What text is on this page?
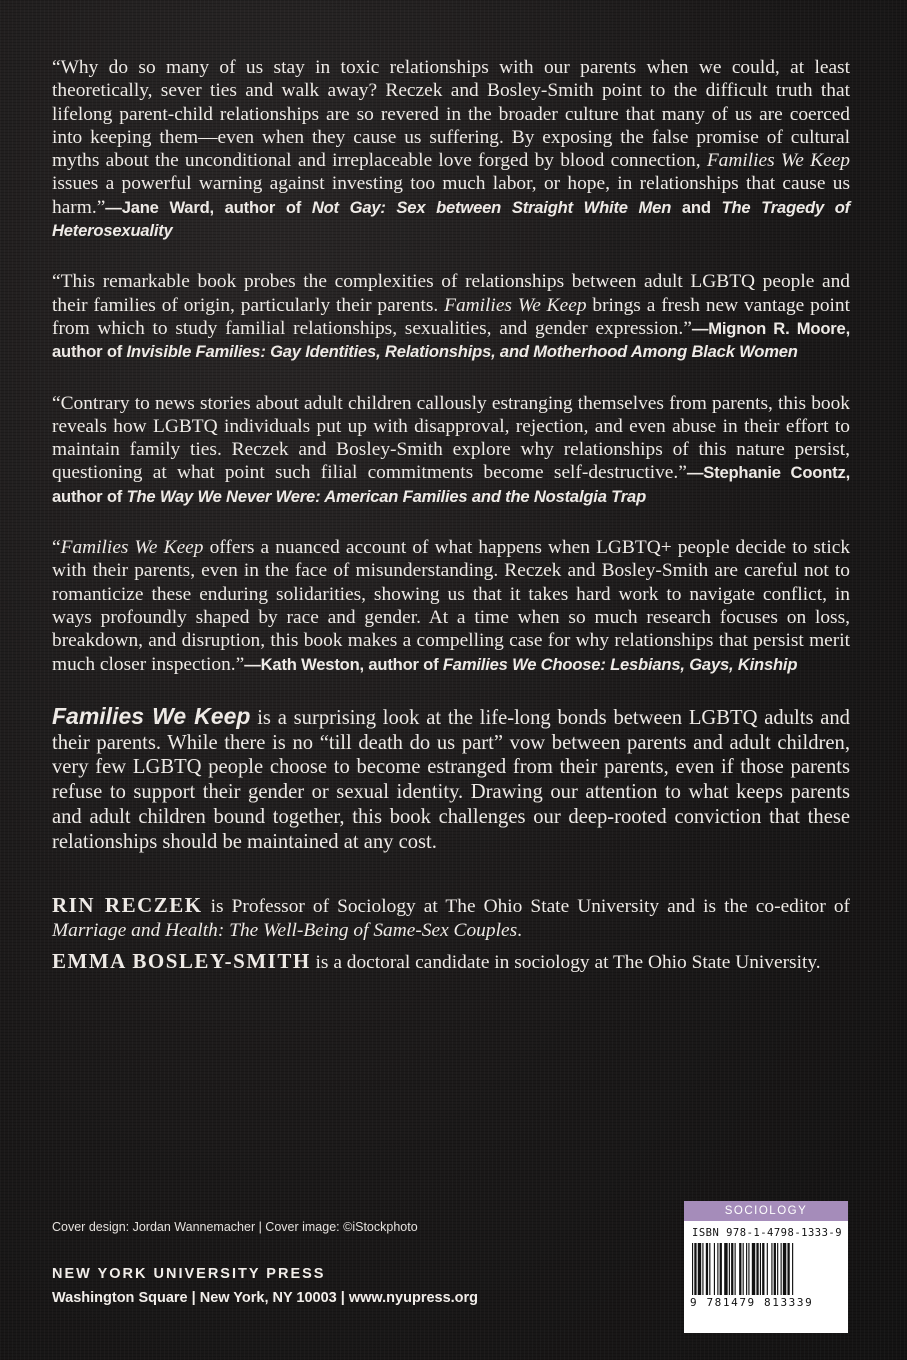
“Why do so many of us stay in toxic relationships with our parents when we could, at least theoretically, sever ties and walk away? Reczek and Bosley-Smith point to the difficult truth that lifelong parent-child relationships are so revered in the broader culture that many of us are coerced into keeping them—even when they cause us suffering. By exposing the false promise of cultural myths about the unconditional and irreplaceable love forged by blood connection, Families We Keep issues a powerful warning against investing too much labor, or hope, in relationships that cause us harm.”—Jane Ward, author of Not Gay: Sex between Straight White Men and The Tragedy of Heterosexuality

“This remarkable book probes the complexities of relationships between adult LGBTQ people and their families of origin, particularly their parents. Families We Keep brings a fresh new vantage point from which to study familial relationships, sexualities, and gender expression.”—Mignon R. Moore, author of Invisible Families: Gay Identities, Relationships, and Motherhood Among Black Women

“Contrary to news stories about adult children callously estranging themselves from parents, this book reveals how LGBTQ individuals put up with disapproval, rejection, and even abuse in their effort to maintain family ties. Reczek and Bosley-Smith explore why relationships of this nature persist, questioning at what point such filial commitments become self-destructive.”—Stephanie Coontz, author of The Way We Never Were: American Families and the Nostalgia Trap

“Families We Keep offers a nuanced account of what happens when LGBTQ+ people decide to stick with their parents, even in the face of misunderstanding. Reczek and Bosley-Smith are careful not to romanticize these enduring solidarities, showing us that it takes hard work to navigate conflict, in ways profoundly shaped by race and gender. At a time when so much research focuses on loss, breakdown, and disruption, this book makes a compelling case for why relationships that persist merit much closer inspection.”—Kath Weston, author of Families We Choose: Lesbians, Gays, Kinship

Families We Keep is a surprising look at the life-long bonds between LGBTQ adults and their parents. While there is no “till death do us part” vow between parents and adult children, very few LGBTQ people choose to become estranged from their parents, even if those parents refuse to support their gender or sexual identity. Drawing our attention to what keeps parents and adult children bound together, this book challenges our deep-rooted conviction that these relationships should be maintained at any cost.

RIN RECZEK is Professor of Sociology at The Ohio State University and is the co-editor of Marriage and Health: The Well-Being of Same-Sex Couples.

EMMA BOSLEY-SMITH is a doctoral candidate in sociology at The Ohio State University.

Cover design: Jordan Wannemacher | Cover image: ©iStockphoto
NEW YORK UNIVERSITY PRESS
Washington Square | New York, NY 10003 | www.nyupress.org
SOCIOLOGY
ISBN 978-1-4798-1333-9
9 781479 813339
